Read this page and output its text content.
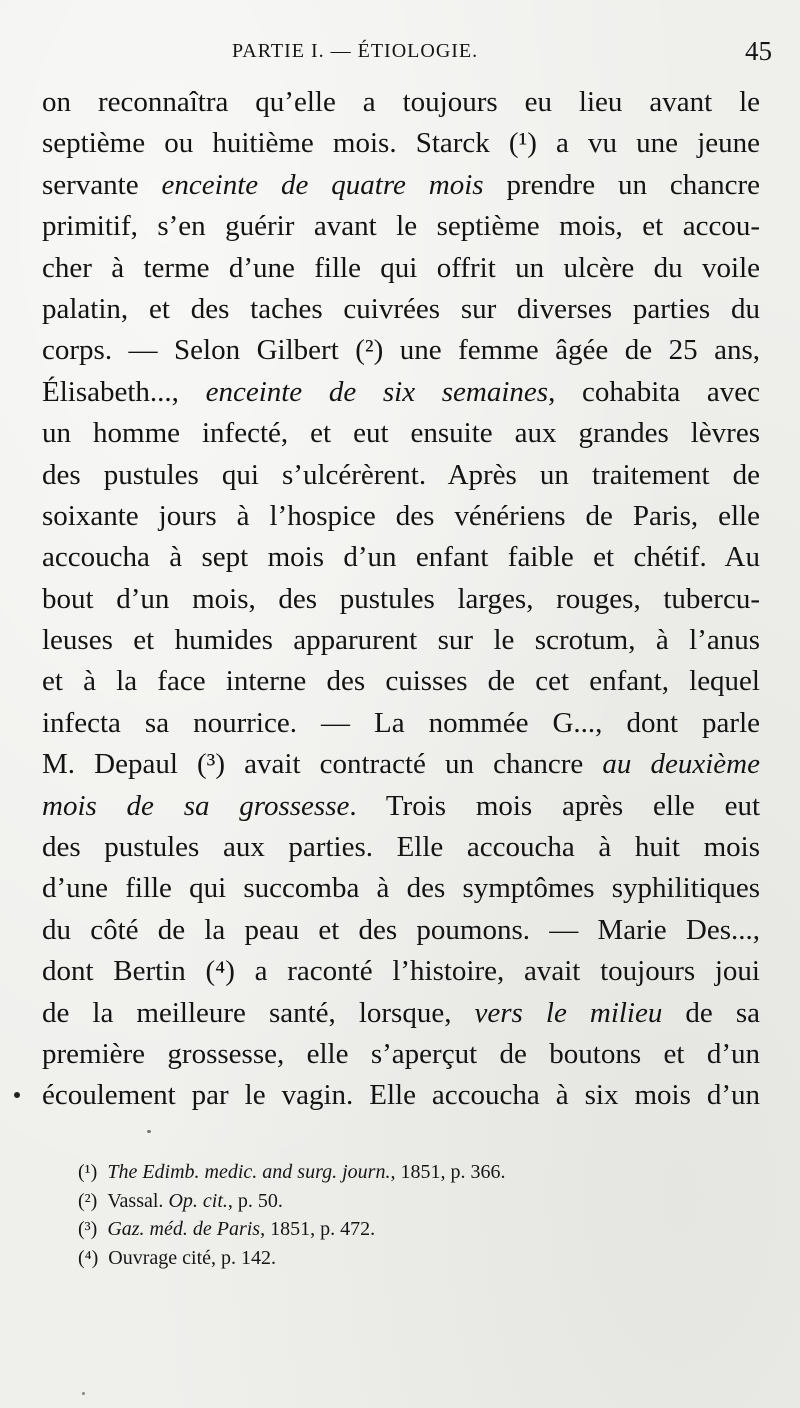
PARTIE I. — ÉTIOLOGIE.	45
on reconnaîtra qu’elle a toujours eu lieu avant le
septième ou huitième mois. Starck (¹) a vu une jeune
servante enceinte de quatre mois prendre un chancre
primitif, s’en guérir avant le septième mois, et accou-
cher à terme d’une fille qui offrit un ulcère du voile
palatin, et des taches cuivrées sur diverses parties du
corps. — Selon Gilbert (²) une femme âgée de 25 ans,
Élisabeth..., enceinte de six semaines, cohabita avec
un homme infecté, et eut ensuite aux grandes lèvres
des pustules qui s’ulcérèrent. Après un traitement de
soixante jours à l’hospice des vénériens de Paris, elle
accoucha à sept mois d’un enfant faible et chétif. Au
bout d’un mois, des pustules larges, rouges, tubercu-
leuses et humides apparurent sur le scrotum, à l’anus
et à la face interne des cuisses de cet enfant, lequel
infecta sa nourrice. — La nommée G..., dont parle
M. Depaul (³) avait contracté un chancre au deuxième
mois de sa grossesse. Trois mois après elle eut
des pustules aux parties. Elle accoucha à huit mois
d’une fille qui succomba à des symptômes syphilitiques
du côté de la peau et des poumons. — Marie Des...,
dont Bertin (⁴) a raconté l’histoire, avait toujours joui
de la meilleure santé, lorsque, vers le milieu de sa
première grossesse, elle s’aperçut de boutons et d’un
écoulement par le vagin. Elle accoucha à six mois d’un
(¹) The Edimb. medic. and surg. journ., 1851, p. 366.
(²) Vassal. Op. cit., p. 50.
(³) Gaz. méd. de Paris, 1851, p. 472.
(⁴) Ouvrage cité, p. 142.
